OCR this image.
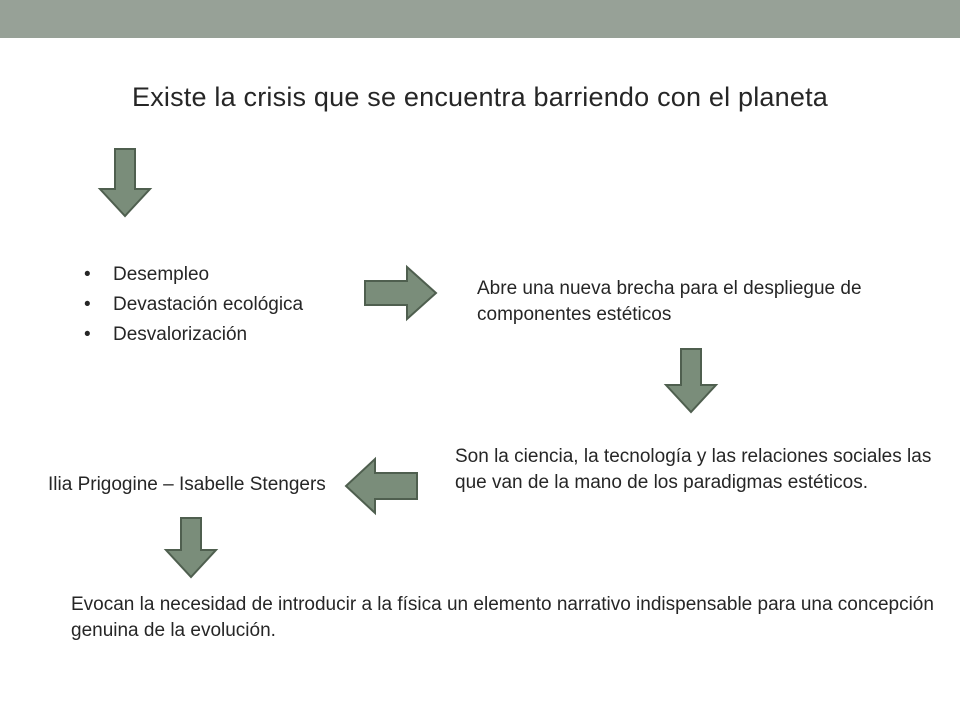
Existe la crisis que se encuentra barriendo con el planeta
• Desempleo
• Devastación ecológica
• Desvalorización

Abre una nueva brecha para el despliegue de componentes estéticos

Son la ciencia, la tecnología y las relaciones sociales las que van de la mano de los paradigmas estéticos.

Ilia Prigogine – Isabelle Stengers

Evocan la necesidad de introducir a la física un elemento narrativo indispensable para una concepción genuina de la evolución.
